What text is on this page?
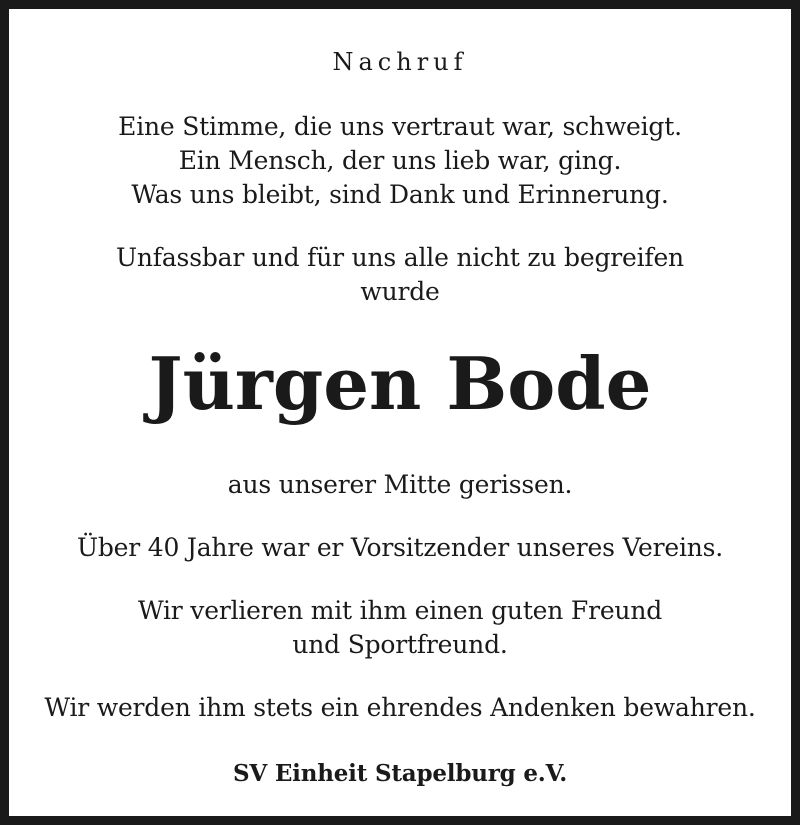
Nachruf
Eine Stimme, die uns vertraut war, schweigt.
Ein Mensch, der uns lieb war, ging.
Was uns bleibt, sind Dank und Erinnerung.
Unfassbar und für uns alle nicht zu begreifen
wurde
Jürgen Bode
aus unserer Mitte gerissen.
Über 40 Jahre war er Vorsitzender unseres Vereins.
Wir verlieren mit ihm einen guten Freund
und Sportfreund.
Wir werden ihm stets ein ehrendes Andenken bewahren.
SV Einheit Stapelburg e.V.
